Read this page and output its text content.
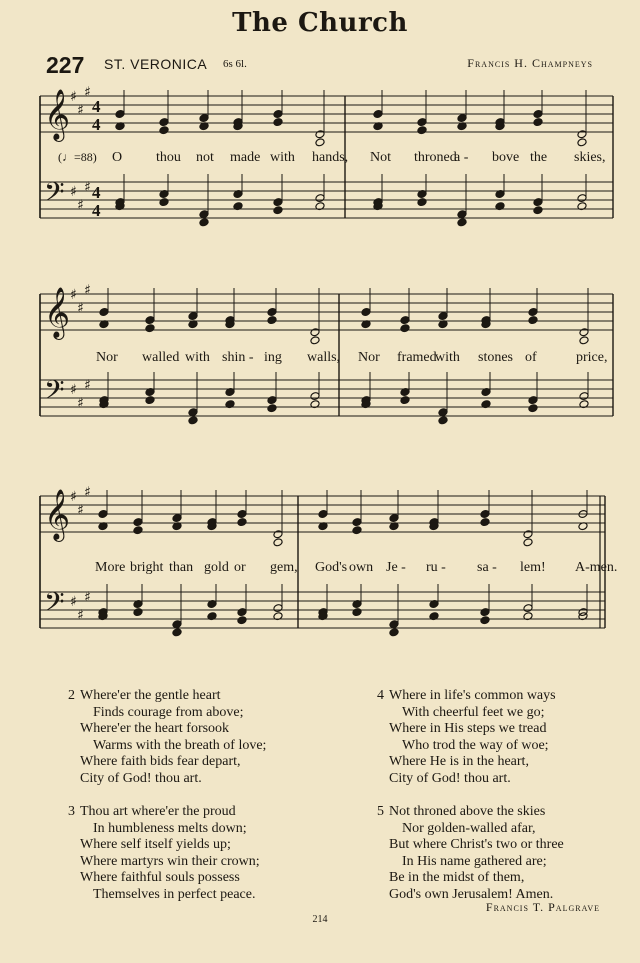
The Church
227 ST. VERONICA 6s 6l.	Francis H. Champneys
𝄞 ♯
♯
♯
4
4
𝄢 ♯
♯
♯ 4
4
𝄞 ♯
♯
♯
𝄢 ♯
♯
♯
𝄞 ♯
♯
♯
𝄢 ♯
♯
♯
(♩=88) O thou not made with hands, Not throned
a - bove the skies,
Nor walled with shin - ing walls, Nor framed
with stones of	price,
More bright than gold or gem, God's own Je - ru - sa - lem! A-men.
2 Where'er the gentle heart
Finds courage from above;
Where'er the heart forsook
Warms with the breath of love;
Where faith bids fear depart,
City of God! thou art.
4 Where in life's common ways
With cheerful feet we go;
Where in His steps we tread
Who trod the way of woe;
Where He is in the heart,
City of God! thou art.
3 Thou art where'er the proud
In humbleness melts down;
Where self itself yields up;
Where martyrs win their crown;
Where faithful souls possess
Themselves in perfect peace.
5 Not throned above the skies
Nor golden-walled afar,
But where Christ's two or three
In His name gathered are;
Be in the midst of them,
God's own Jerusalem! Amen.
Francis T. Palgrave
214
